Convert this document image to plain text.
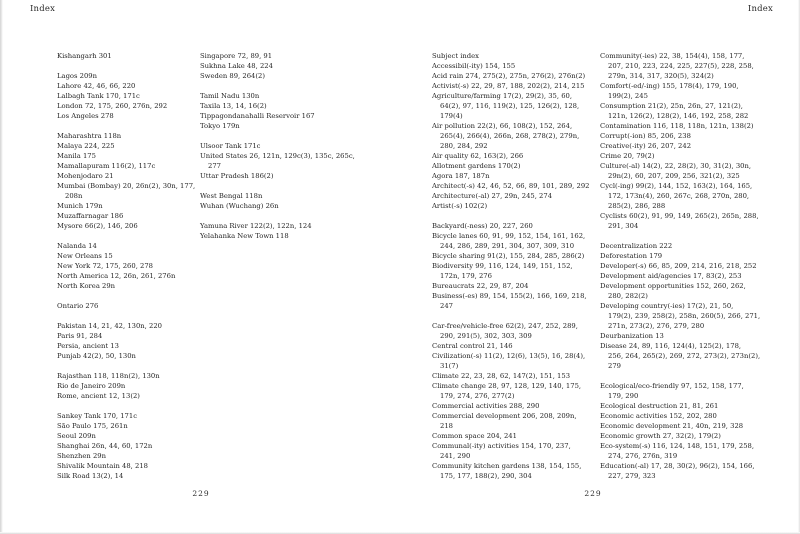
Index
Kishangarh 301
Lagos 209n
Lahore 42, 46, 66, 220
Lalbagh Tank 170, 171c
London 72, 175, 260, 276n, 292
Los Angeles 278
Maharashtra 118n
Malaya 224, 225
Manila 175
Mamallapuram 116(2), 117c
Mohenjodaro 21
Mumbai (Bombay) 20, 26n(2), 30n, 177,
208n
Munich 179n
Muzaffarnagar 186
Mysore 66(2), 146, 206
Nalanda 14
New Orleans 15
New York 72, 175, 260, 278
North America 12, 26n, 261, 276n
North Korea 29n
Ontario 276
Pakistan 14, 21, 42, 130n, 220
Paris 91, 284
Persia, ancient 13
Punjab 42(2), 50, 130n
Rajasthan 118, 118n(2), 130n
Rio de Janeiro 209n
Rome, ancient 12, 13(2)
Sankey Tank 170, 171c
São Paulo 175, 261n
Seoul 209n
Shanghai 26n, 44, 60, 172n
Shenzhen 29n
Shivalik Mountain 48, 218
Silk Road 13(2), 14
Singapore 72, 89, 91
Sukhna Lake 48, 224
Sweden 89, 264(2)
Tamil Nadu 130n
Taxila 13, 14, 16(2)
Tippagondanahalli Reservoir 167
Tokyo 179n
Ulsoor Tank 171c
United States 26, 121n, 129c(3), 135c, 265c,
277
Uttar Pradesh 186(2)
West Bengal 118n
Wuhan (Wuchang) 26n
Yamuna River 122(2), 122n, 124
Yelahanka New Town 118
229
Index
Subject index
Accessibil(-ity) 154, 155
Acid rain 274, 275(2), 275n, 276(2), 276n(2)
Activist(-s) 22, 29, 87, 188, 202(2), 214, 215
Agriculture/farming 17(2), 29(2), 35, 60,
64(2), 97, 116, 119(2), 125, 126(2), 128,
179(4)
Air pollution 22(2), 66, 108(2), 152, 264,
265(4), 266(4), 266n, 268, 278(2), 279n,
280, 284, 292
Air quality 62, 163(2), 266
Allotment gardens 170(2)
Agora 187, 187n
Architect(-s) 42, 46, 52, 66, 89, 101, 289, 292
Architecture(-al) 27, 29n, 245, 274
Artist(-s) 102(2)
Backyard(-ness) 20, 227, 260
Bicycle lanes 60, 91, 99, 152, 154, 161, 162,
244, 286, 289, 291, 304, 307, 309, 310
Bicycle sharing 91(2), 155, 284, 285, 286(2)
Biodiversity 99, 116, 124, 149, 151, 152,
172n, 179, 276
Bureaucrats 22, 29, 87, 204
Business(-es) 89, 154, 155(2), 166, 169, 218,
247
Car-free/vehicle-free 62(2), 247, 252, 289,
290, 291(5), 302, 303, 309
Central control 21, 146
Civilization(-s) 11(2), 12(6), 13(5), 16, 28(4),
31(7)
Climate 22, 23, 28, 62, 147(2), 151, 153
Climate change 28, 97, 128, 129, 140, 175,
179, 274, 276, 277(2)
Commercial activities 288, 290
Commercial development 206, 208, 209n,
218
Common space 204, 241
Communal(-ity) activities 154, 170, 237,
241, 290
Community kitchen gardens 138, 154, 155,
175, 177, 188(2), 290, 304
Community(-ies) 22, 38, 154(4), 158, 177,
207, 210, 223, 224, 225, 227(5), 228, 258,
279n, 314, 317, 320(5), 324(2)
Comfort(-ed/-ing) 155, 178(4), 179, 190,
199(2), 245
Consumption 21(2), 25n, 26n, 27, 121(2),
121n, 126(2), 128(2), 146, 192, 258, 282
Contamination 116, 118, 118n, 121n, 138(2)
Corrupt(-ion) 85, 206, 238
Creative(-ity) 26, 207, 242
Crime 20, 79(2)
Culture(-al) 14(2), 22, 28(2), 30, 31(2), 30n,
29n(2), 60, 207, 209, 256, 321(2), 325
Cycl(-ing) 99(2), 144, 152, 163(2), 164, 165,
172, 173n(4), 260, 267c, 268, 270n, 280,
285(2), 286, 288
Cyclists 60(2), 91, 99, 149, 265(2), 265n, 288,
291, 304
Decentralization 222
Deforestation 179
Developer(-s) 66, 85, 209, 214, 216, 218, 252
Development aid/agencies 17, 83(2), 253
Development opportunities 152, 260, 262,
280, 282(2)
Developing country(-ies) 17(2), 21, 50,
179(2), 239, 258(2), 258n, 260(5), 266, 271,
271n, 273(2), 276, 279, 280
Deurbanization 13
Disease 24, 89, 116, 124(4), 125(2), 178,
256, 264, 265(2), 269, 272, 273(2), 273n(2),
279
Ecological/eco-friendly 97, 152, 158, 177,
179, 290
Ecological destruction 21, 81, 261
Economic activities 152, 202, 280
Economic development 21, 40n, 219, 328
Economic growth 27, 32(2), 179(2)
Eco-system(-s) 116, 124, 148, 151, 179, 258,
274, 276, 276n, 319
Education(-al) 17, 28, 30(2), 96(2), 154, 166,
227, 279, 323
229
